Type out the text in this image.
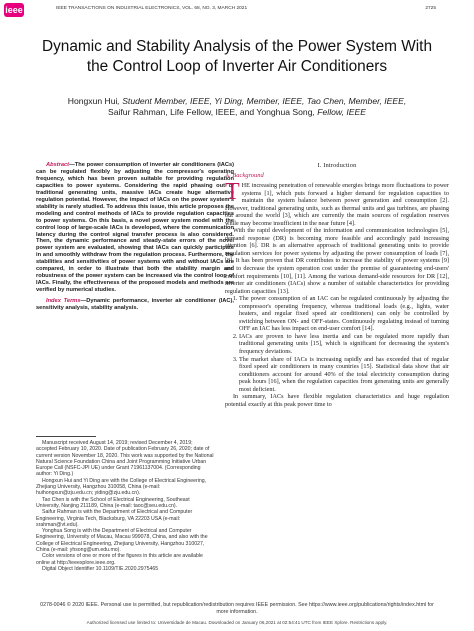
ieee	IEEE TRANSACTIONS ON INDUSTRIAL ELECTRONICS, VOL. 68, NO. 3, MARCH 2021	2725
Dynamic and Stability Analysis of the Power System With the Control Loop of Inverter Air Conditioners
Hongxun Hui, Student Member, IEEE, Yi Ding, Member, IEEE, Tao Chen, Member, IEEE,
Saifur Rahman, Life Fellow, IEEE, and Yonghua Song, Fellow, IEEE

Abstract—The power consumption of inverter air conditioners (IACs) can be regulated flexibly by adjusting the compressor's operating frequency, which has been proven suitable for providing regulation capacities to power systems. Considering the rapid phasing out of traditional generating units, massive IACs create huge alternative regulation potential. However, the impact of IACs on the power system's stability is rarely studied. To address this issue, this article proposes the modeling and control methods of IACs to provide regulation capacities to power systems. On this basis, a novel power system model with the control loop of large-scale IACs is developed, where the communication latency during the control signal transfer process is also considered. Then, the dynamic performance and steady-state errors of the novel power system are evaluated, showing that IACs can quickly participate in and smoothly withdraw from the regulation process. Furthermore, the stabilities and sensitivities of power systems with and without IACs are compared, in order to illustrate that both the stability margin and robustness of the power system can be increased via the control loop of IACs. Finally, the effectiveness of the proposed models and methods are verified by numerical studies.

Index Terms—Dynamic performance, inverter air conditioner (IAC), sensitivity analysis, stability analysis.

Manuscript received August 14, 2019; revised December 4, 2019; accepted February 10, 2020. Date of publication February 26, 2020; date of current version November 18, 2020. This work was supported by the National Natural Science Foundation China and Joint Programming Initiative Urban Europe Call (NSFC-JPI UE) under Grant 71961137004. (Corresponding author: Yi Ding.)

Hongxun Hui and Yi Ding are with the College of Electrical Engineering, Zhejiang University, Hangzhou 310058, China (e-mail: huihongxun@zju.edu.cn; yiding@zju.edu.cn).

Tao Chen is with the School of Electrical Engineering, Southeast University, Nanjing 211189, China (e-mail: taoc@seu.edu.cn).

Saifur Rahman is with the Department of Electrical and Computer Engineering, Virginia Tech, Blacksburg, VA 22203 USA (e-mail: srahman@vt.edu).

Yonghua Song is with the Department of Electrical and Computer Engineering, University of Macau, Macau 999078, China, and also with the College of Electrical Engineering, Zhejiang University, Hangzhou 310027, China (e-mail: yhsong@um.edu.mo).

Color versions of one or more of the figures in this article are available online at http://ieeexplore.ieee.org.

Digital Object Identifier 10.1109/TIE.2020.2975465

I. Introduction

A. Background

THE increasing penetration of renewable energies brings more fluctuations to power systems [1], which puts forward a higher demand for regulation capacities to maintain the system balance between power generation and consumption [2]. However, traditional generating units, such as thermal units and gas turbines, are phasing out around the world [3], which are currently the main sources of regulation reserves while may become insufficient in the near future [4].

With the rapid development of the information and communication technologies [5], demand response (DR) is becoming more feasible and accordingly paid increasing attention [6]. DR is an alternative approach of traditional generating units to provide regulation services for power systems by adjusting the power consumption of loads [7], [8]. It has been proven that DR contributes to increase the stability of power systems [9] and to decrease the system operation cost under the premise of guaranteeing end-users' comfort requirements [10], [11]. Among the various demand-side resources for DR [12], inverter air conditioners (IACs) show a number of suitable characteristics for providing regulation capacities [13].

1. The power consumption of an IAC can be regulated continuously by adjusting the compressor's operating frequency, whereas traditional loads (e.g., lights, water heaters, and regular fixed speed air conditioners) can only be controlled by switching between ON- and OFF-states. Continuously regulating instead of turning OFF an IAC has less impact on end-user comfort [14].
2. IACs are proven to have less inertia and can be regulated more rapidly than traditional generating units [15], which is significant for decreasing the system's frequency deviations.
3. The market share of IACs is increasing rapidly and has exceeded that of regular fixed speed air conditioners in many countries [15]. Statistical data show that air conditioners account for around 40% of the total electricity consumption during peak hours [16], when the regulation capacities from generating units are generally most deficient.

In summary, IACs have flexible regulation characteristics and huge regulation potential exactly at this peak power time to

0278-0046 © 2020 IEEE. Personal use is permitted, but republication/redistribution requires IEEE permission. See https://www.ieee.org/publications/rights/index.html for more information.
Authorized licensed use limited to: Universidade de Macau. Downloaded on January 06,2021 at 02:54:41 UTC from IEEE Xplore. Restrictions apply.
